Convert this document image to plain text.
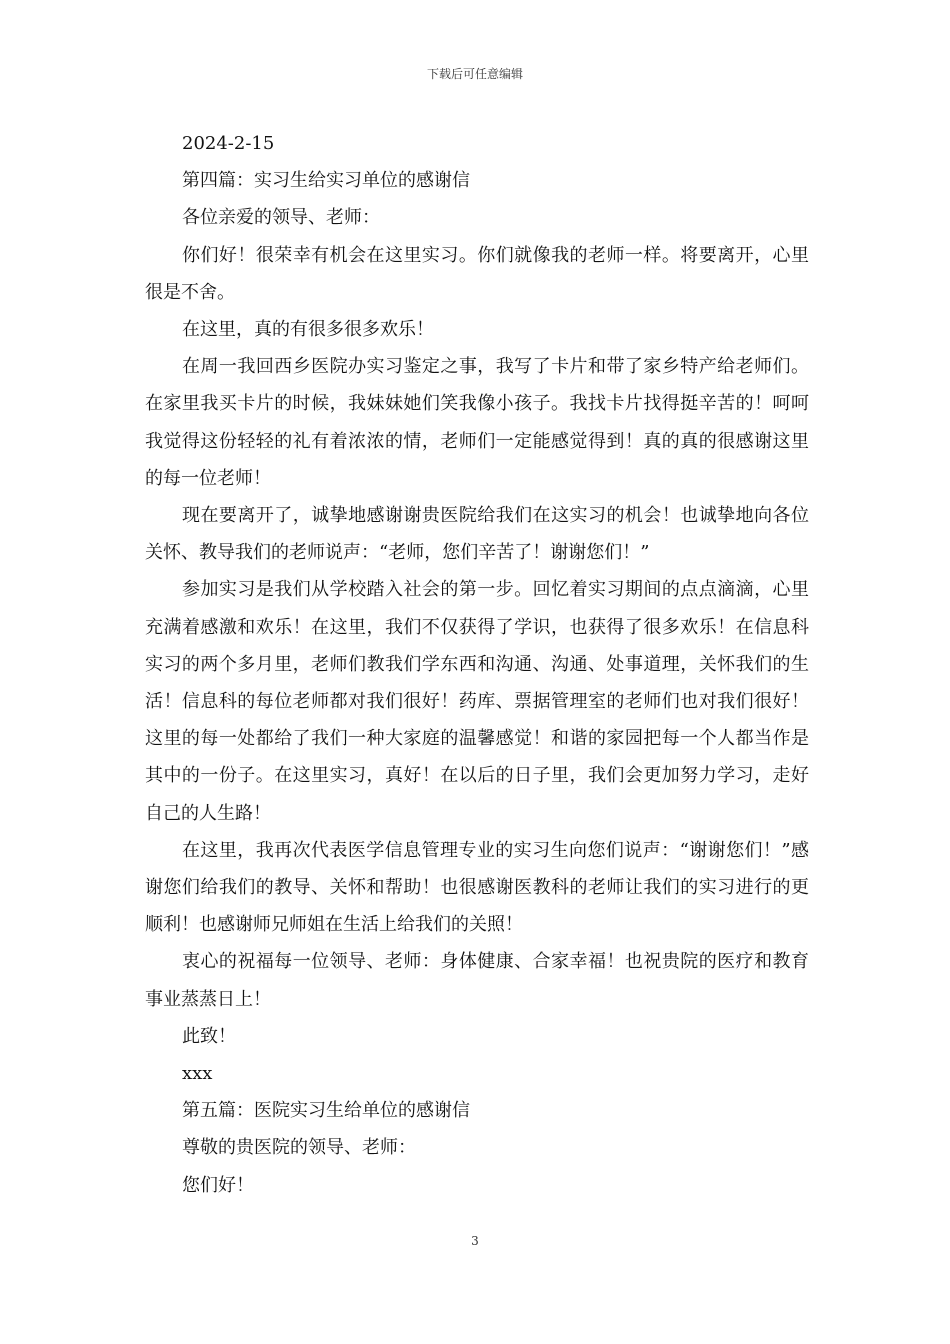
下载后可任意编辑

2024-2-15

第四篇：实习生给实习单位的感谢信

各位亲爱的领导、老师：

你们好！很荣幸有机会在这里实习。你们就像我的老师一样。将要离开，心里很是不舍。

在这里，真的有很多很多欢乐！

在周一我回西乡医院办实习鉴定之事，我写了卡片和带了家乡特产给老师们。在家里我买卡片的时候，我妹妹她们笑我像小孩子。我找卡片找得挺辛苦的！呵呵我觉得这份轻轻的礼有着浓浓的情，老师们一定能感觉得到！真的真的很感谢这里的每一位老师！

现在要离开了，诚挚地感谢谢贵医院给我们在这实习的机会！也诚挚地向各位关怀、教导我们的老师说声：“老师，您们辛苦了！谢谢您们！”

参加实习是我们从学校踏入社会的第一步。回忆着实习期间的点点滴滴，心里充满着感激和欢乐！在这里，我们不仅获得了学识，也获得了很多欢乐！在信息科实习的两个多月里，老师们教我们学东西和沟通、沟通、处事道理，关怀我们的生活！信息科的每位老师都对我们很好！药库、票据管理室的老师们也对我们很好！这里的每一处都给了我们一种大家庭的温馨感觉！和谐的家园把每一个人都当作是其中的一份子。在这里实习，真好！在以后的日子里，我们会更加努力学习，走好自己的人生路！

在这里，我再次代表医学信息管理专业的实习生向您们说声：“谢谢您们！”感谢您们给我们的教导、关怀和帮助！也很感谢医教科的老师让我们的实习进行的更顺利！也感谢师兄师姐在生活上给我们的关照！

衷心的祝福每一位领导、老师：身体健康、合家幸福！也祝贵院的医疗和教育事业蒸蒸日上！

此致！

xxx

第五篇：医院实习生给单位的感谢信

尊敬的贵医院的领导、老师：

您们好！

3
